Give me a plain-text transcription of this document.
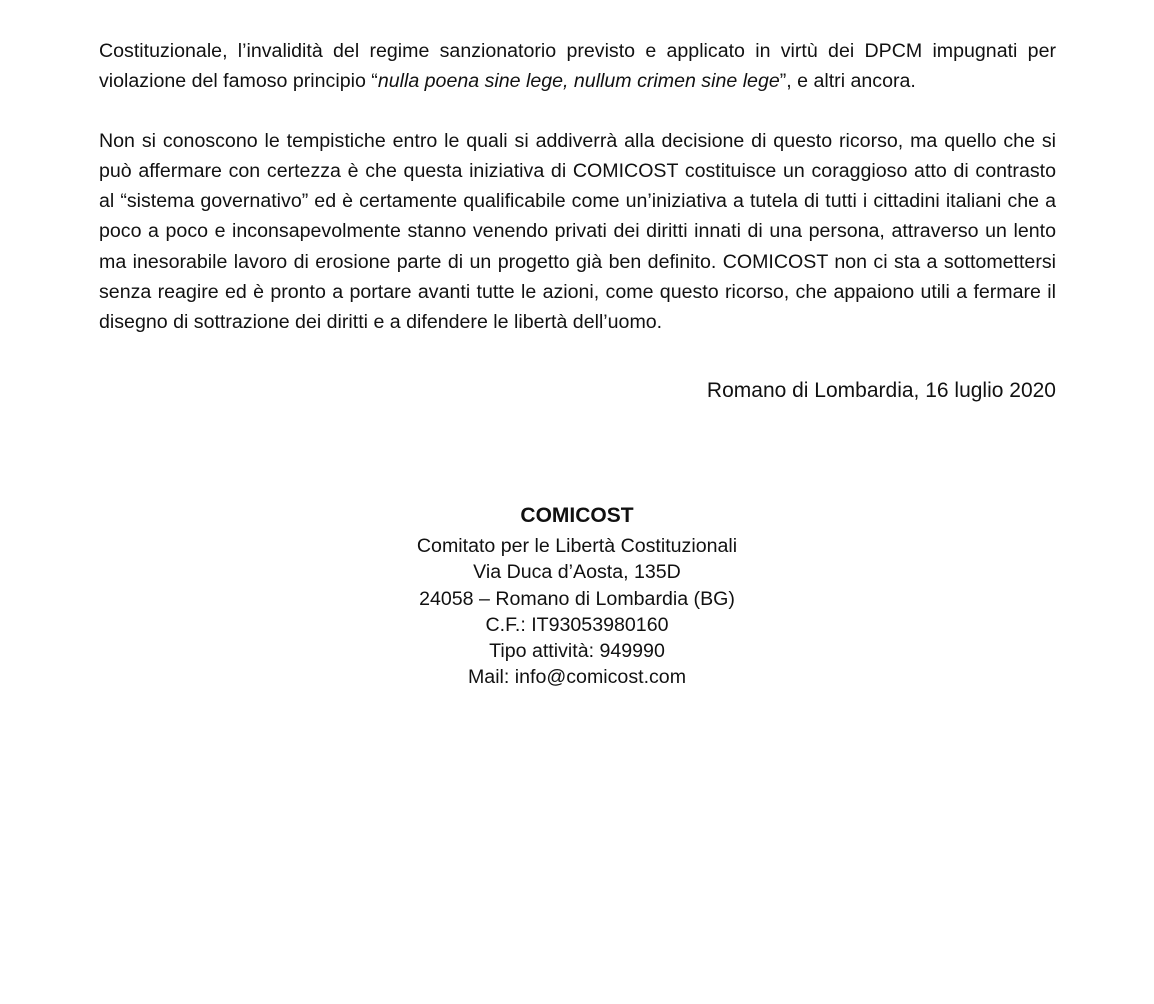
Costituzionale, l’invalidità del regime sanzionatorio previsto e applicato in virtù dei DPCM impugnati per violazione del famoso principio “nulla poena sine lege, nullum crimen sine lege”, e altri ancora.

Non si conoscono le tempistiche entro le quali si addiverrà alla decisione di questo ricorso, ma quello che si può affermare con certezza è che questa iniziativa di COMICOST costituisce un coraggioso atto di contrasto al “sistema governativo” ed è certamente qualificabile come un’iniziativa a tutela di tutti i cittadini italiani che a poco a poco e inconsapevolmente stanno venendo privati dei diritti innati di una persona, attraverso un lento ma inesorabile lavoro di erosione parte di un progetto già ben definito. COMICOST non ci sta a sottomettersi senza reagire ed è pronto a portare avanti tutte le azioni, come questo ricorso, che appaiono utili a fermare il disegno di sottrazione dei diritti e a difendere le libertà dell’uomo.

Romano di Lombardia, 16 luglio 2020
COMICOST
Comitato per le Libertà Costituzionali
Via Duca d’Aosta, 135D
24058 – Romano di Lombardia (BG)
C.F.: IT93053980160
Tipo attività: 949990
Mail: info@comicost.com
